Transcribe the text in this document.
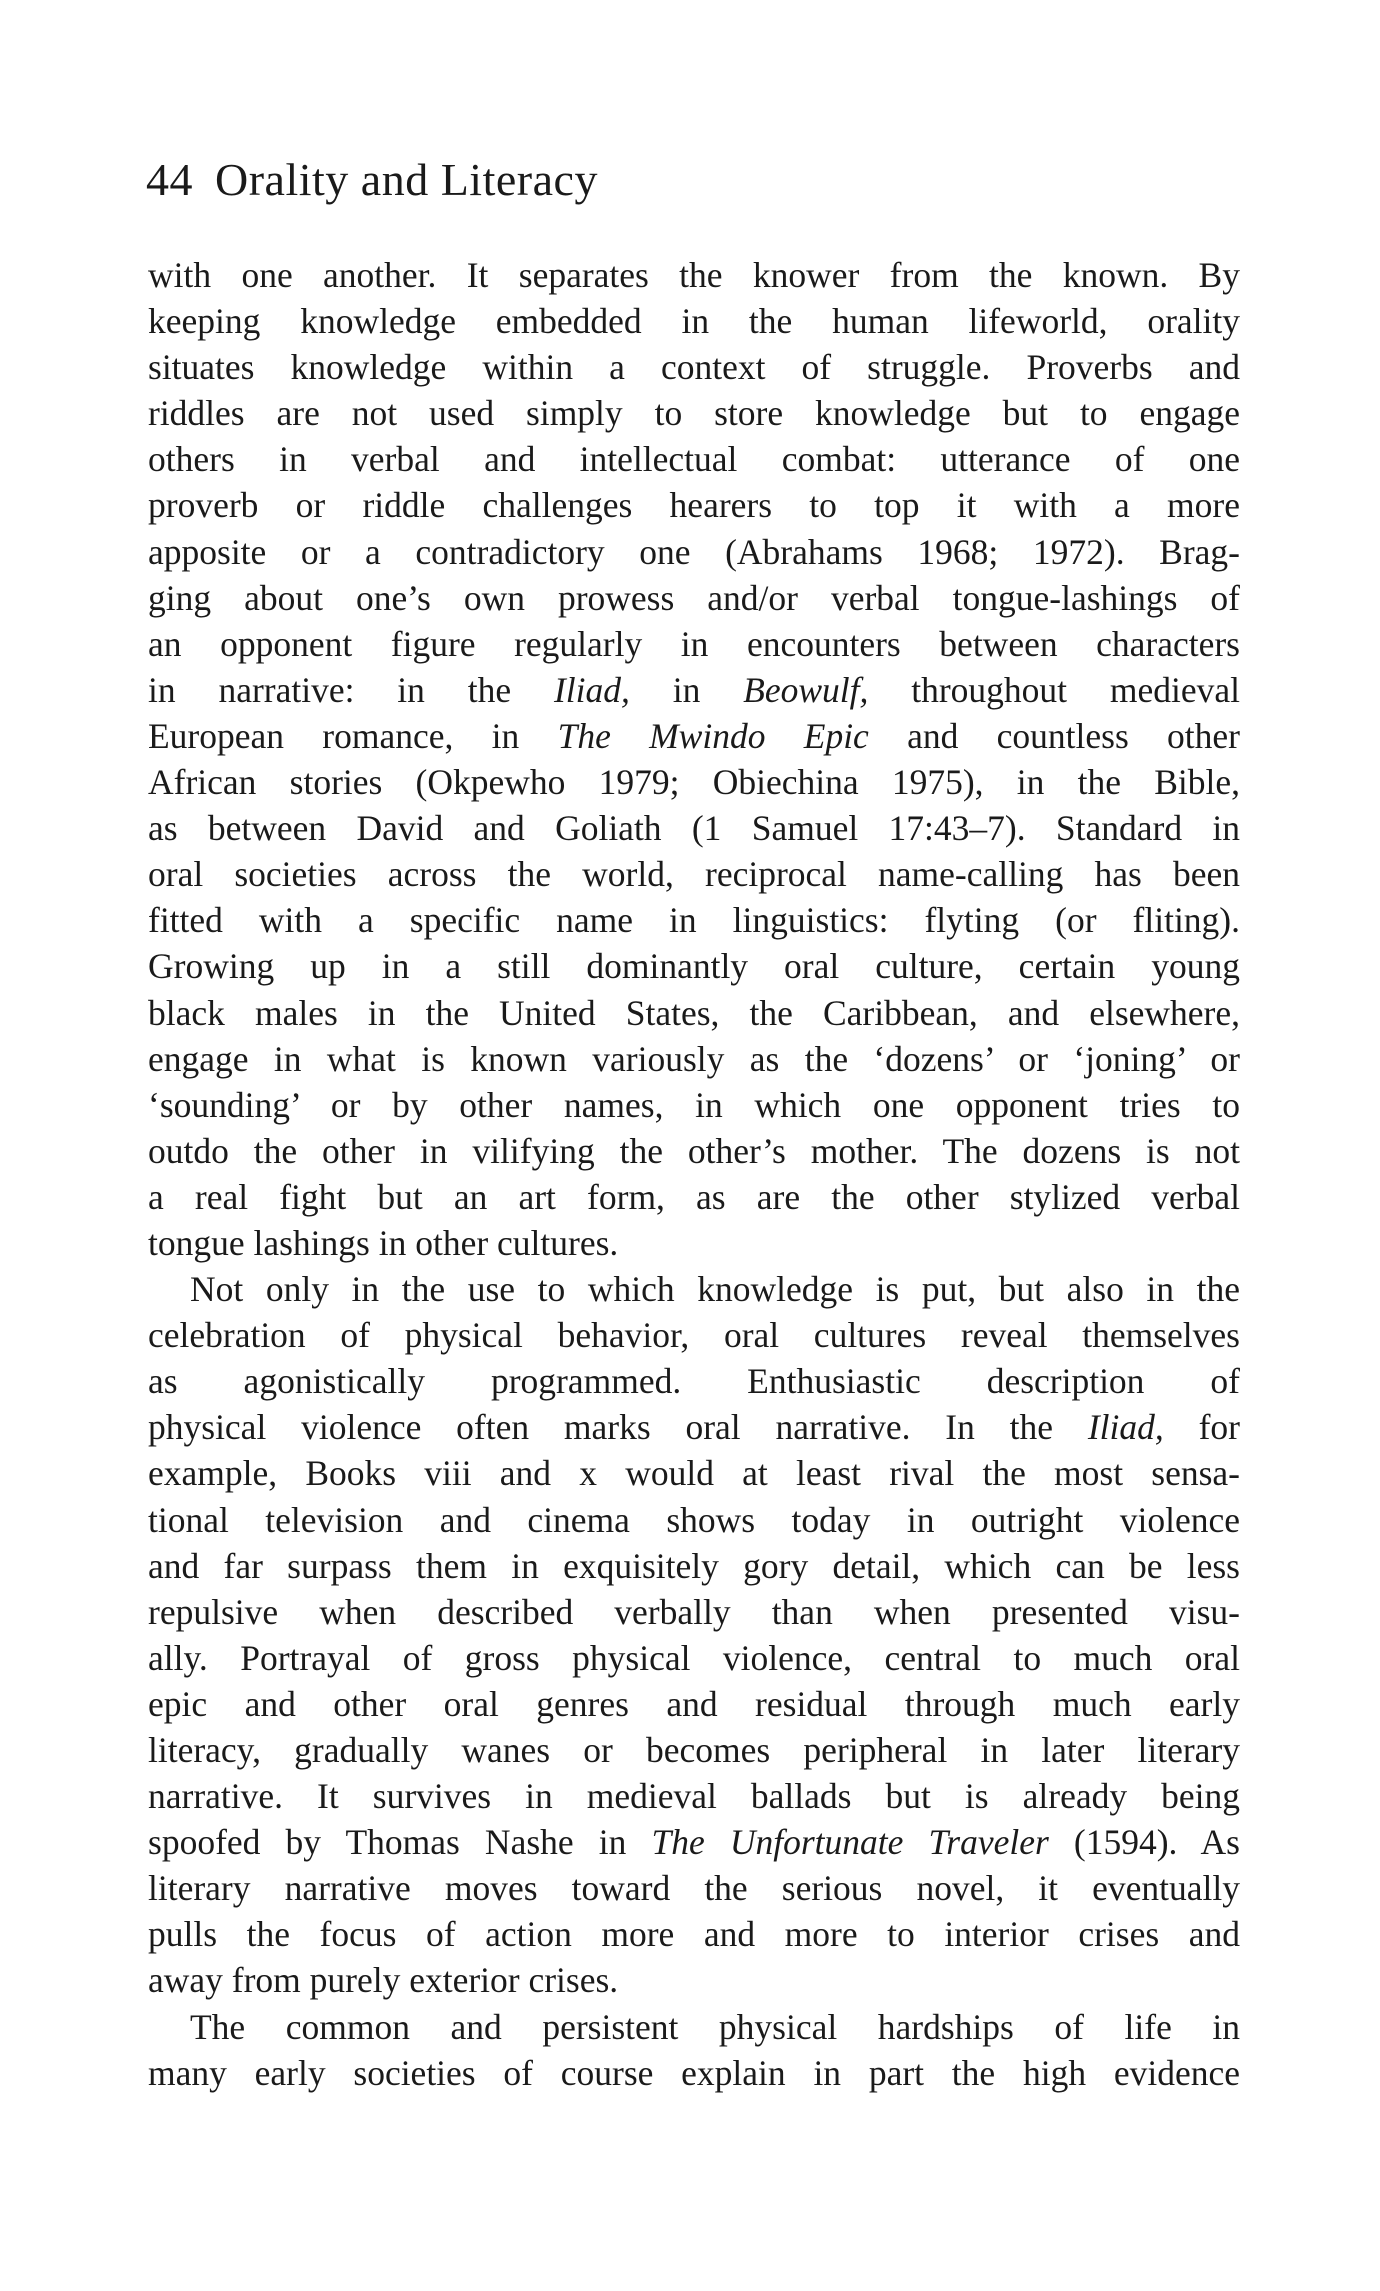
44 Orality and Literacy
with one another. It separates the knower from the known. By
keeping knowledge embedded in the human lifeworld, orality
situates knowledge within a context of struggle. Proverbs and
riddles are not used simply to store knowledge but to engage
others in verbal and intellectual combat: utterance of one
proverb or riddle challenges hearers to top it with a more
apposite or a contradictory one (Abrahams 1968; 1972). Brag-
ging about one’s own prowess and/or verbal tongue-lashings of
an opponent figure regularly in encounters between characters
in narrative: in the Iliad, in Beowulf, throughout medieval
European romance, in The Mwindo Epic and countless other
African stories (Okpewho 1979; Obiechina 1975), in the Bible,
as between David and Goliath (1 Samuel 17:43–7). Standard in
oral societies across the world, reciprocal name-calling has been
fitted with a specific name in linguistics: flyting (or fliting).
Growing up in a still dominantly oral culture, certain young
black males in the United States, the Caribbean, and elsewhere,
engage in what is known variously as the ‘dozens’ or ‘joning’ or
‘sounding’ or by other names, in which one opponent tries to
outdo the other in vilifying the other’s mother. The dozens is not
a real fight but an art form, as are the other stylized verbal
tongue lashings in other cultures.
Not only in the use to which knowledge is put, but also in the
celebration of physical behavior, oral cultures reveal themselves
as agonistically programmed. Enthusiastic description of
physical violence often marks oral narrative. In the Iliad, for
example, Books viii and x would at least rival the most sensa-
tional television and cinema shows today in outright violence
and far surpass them in exquisitely gory detail, which can be less
repulsive when described verbally than when presented visu-
ally. Portrayal of gross physical violence, central to much oral
epic and other oral genres and residual through much early
literacy, gradually wanes or becomes peripheral in later literary
narrative. It survives in medieval ballads but is already being
spoofed by Thomas Nashe in The Unfortunate Traveler (1594). As
literary narrative moves toward the serious novel, it eventually
pulls the focus of action more and more to interior crises and
away from purely exterior crises.
The common and persistent physical hardships of life in
many early societies of course explain in part the high evidence
